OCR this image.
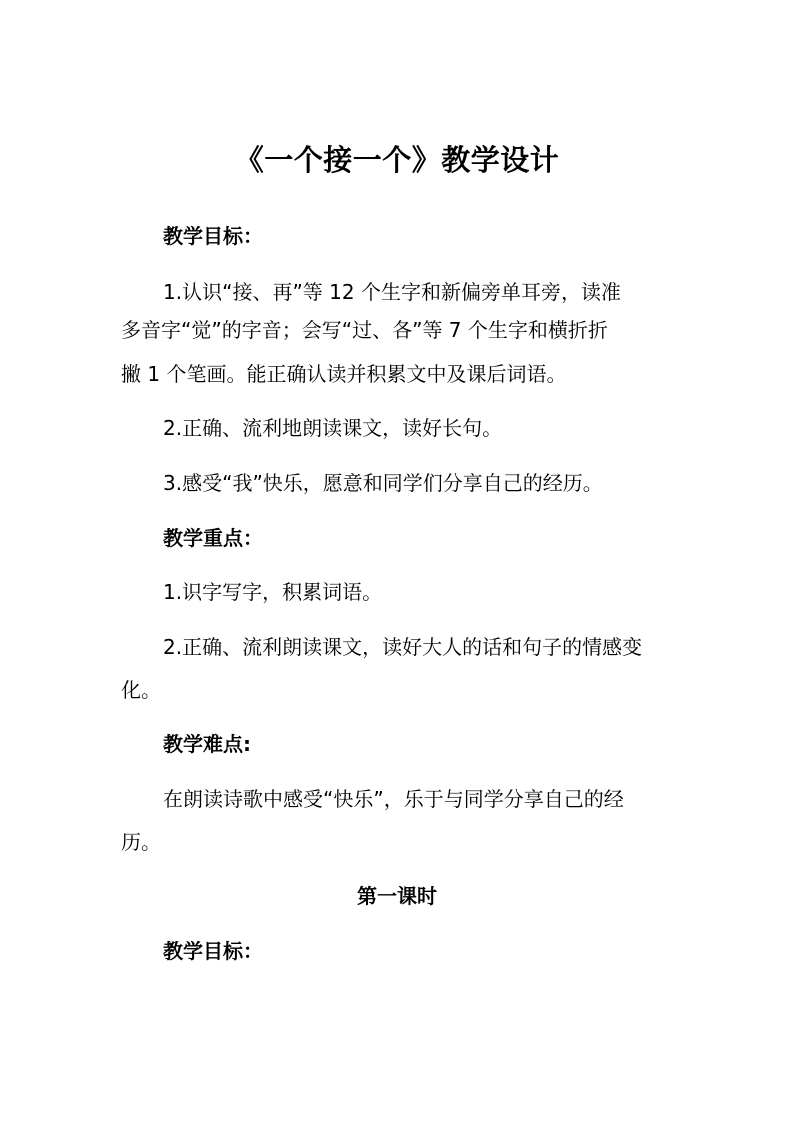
《一个接一个》教学设计
教学目标：
1.认识“接、再”等 12 个生字和新偏旁单耳旁，读准
多音字“觉”的字音；会写“过、各”等 7 个生字和横折折
撇 1 个笔画。能正确认读并积累文中及课后词语。
2.正确、流利地朗读课文，读好长句。
3.感受“我”快乐，愿意和同学们分享自己的经历。
教学重点：
1.识字写字，积累词语。
2.正确、流利朗读课文，读好大人的话和句子的情感变
化。
教学难点:
在朗读诗歌中感受“快乐”，乐于与同学分享自己的经
历。
第一课时
教学目标：
